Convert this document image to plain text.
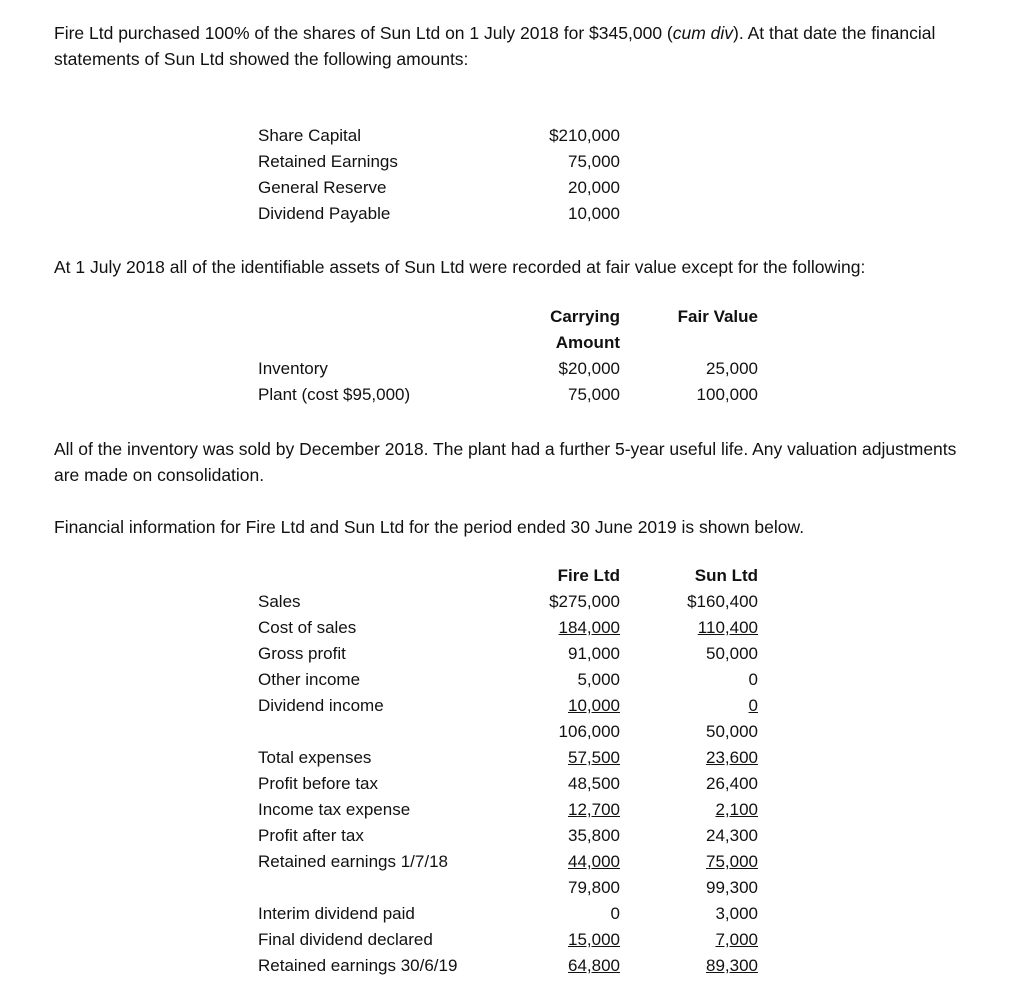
Fire Ltd purchased 100% of the shares of Sun Ltd on 1 July 2018 for $345,000 (cum div). At that date the financial statements of Sun Ltd showed the following amounts:

Share Capital	$210,000
Retained Earnings	75,000
General Reserve	20,000
Dividend Payable	10,000

At 1 July 2018 all of the identifiable assets of Sun Ltd were recorded at fair value except for the following:

Carrying	Fair Value
Amount
Inventory	$20,000	25,000
Plant (cost $95,000)	75,000	100,000

All of the inventory was sold by December 2018. The plant had a further 5-year useful life. Any valuation adjustments are made on consolidation.

Financial information for Fire Ltd and Sun Ltd for the period ended 30 June 2019 is shown below.

Fire Ltd	Sun Ltd
Sales	$275,000	$160,400
Cost of sales	184,000	110,400
Gross profit	91,000	50,000
Other income	5,000	0
Dividend income	10,000	0
106,000	50,000
Total expenses	57,500	23,600
Profit before tax	48,500	26,400
Income tax expense	12,700	2,100
Profit after tax	35,800	24,300
Retained earnings 1/7/18	44,000	75,000
79,800	99,300
Interim dividend paid	0	3,000
Final dividend declared	15,000	7,000
Retained earnings 30/6/19	64,800	89,300
